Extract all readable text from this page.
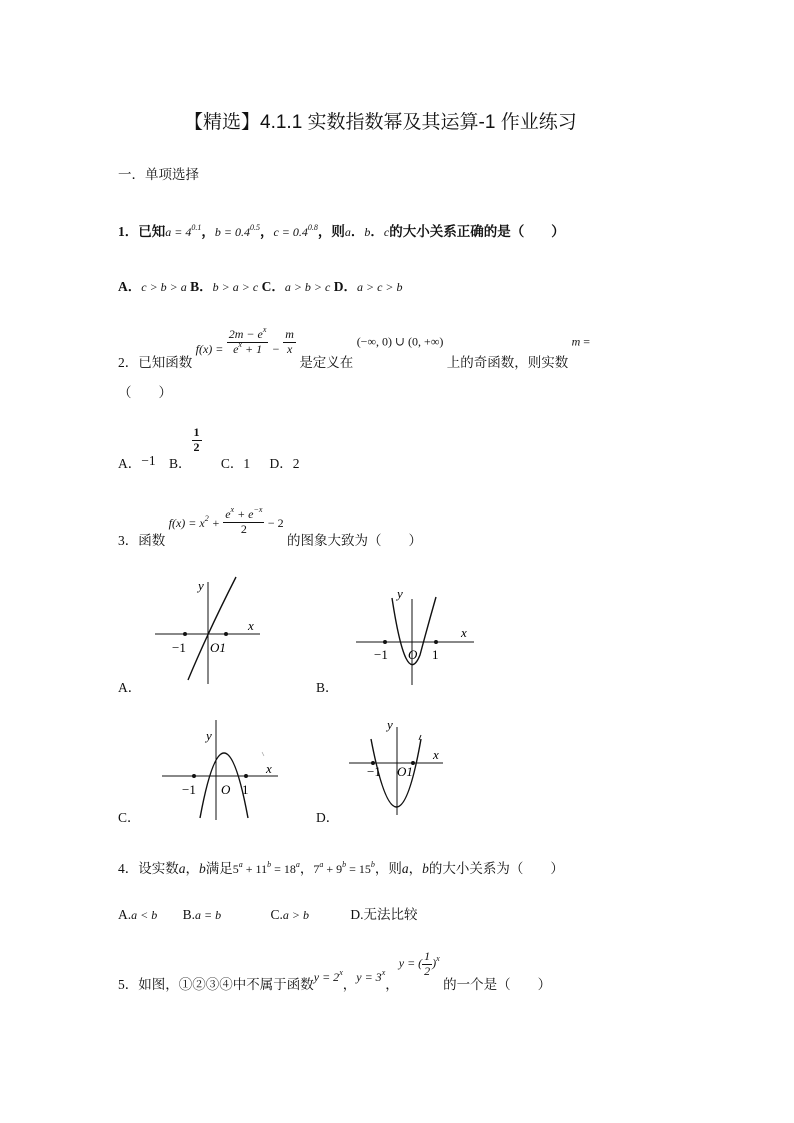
【精选】4.1.1 实数指数幂及其运算-1 作业练习
一．单项选择
1．已知$a = 4^{0.1}$，$b = 0.4^{0.5}$，$c = 0.4^{0.8}$，则a．b．c的大小关系正确的是（　　）
A．c > b > a B．b > a > c C．a > b > c D．a > c > b
2．已知函数 $f(x) = \frac{2m - e^x}{e^x + 1} - \frac{m}{x}$
是定义在 (−∞, 0) ∪ (0, +∞) 上的奇函数，则实数 m =
（　　）
A．−1 B．
$\frac{1}{2}$
C．1 D．2
3．函数 $f(x) = x^2 + \frac{e^x + e^{-x}}{2} - 2$ 的图象大致为（　　）
y
x
−1 O1
A．
y
x
−1 O 1
B．
y
x
−1 O 1
C．
y
x
−1 O1
D．
4．设实数a，b满足$5^a + 11^b = 18^a$，$7^a + 9^b = 15^b$，则a，b的大小关系为（　　）
A.a < b B.a = b	C.a > b	D.无法比较
5．如图，①②③④中不属于函数$y = 2^x$，$y = 3^x$，y = ( $\frac{1}{2} )^x$ 的一个是（　　）
